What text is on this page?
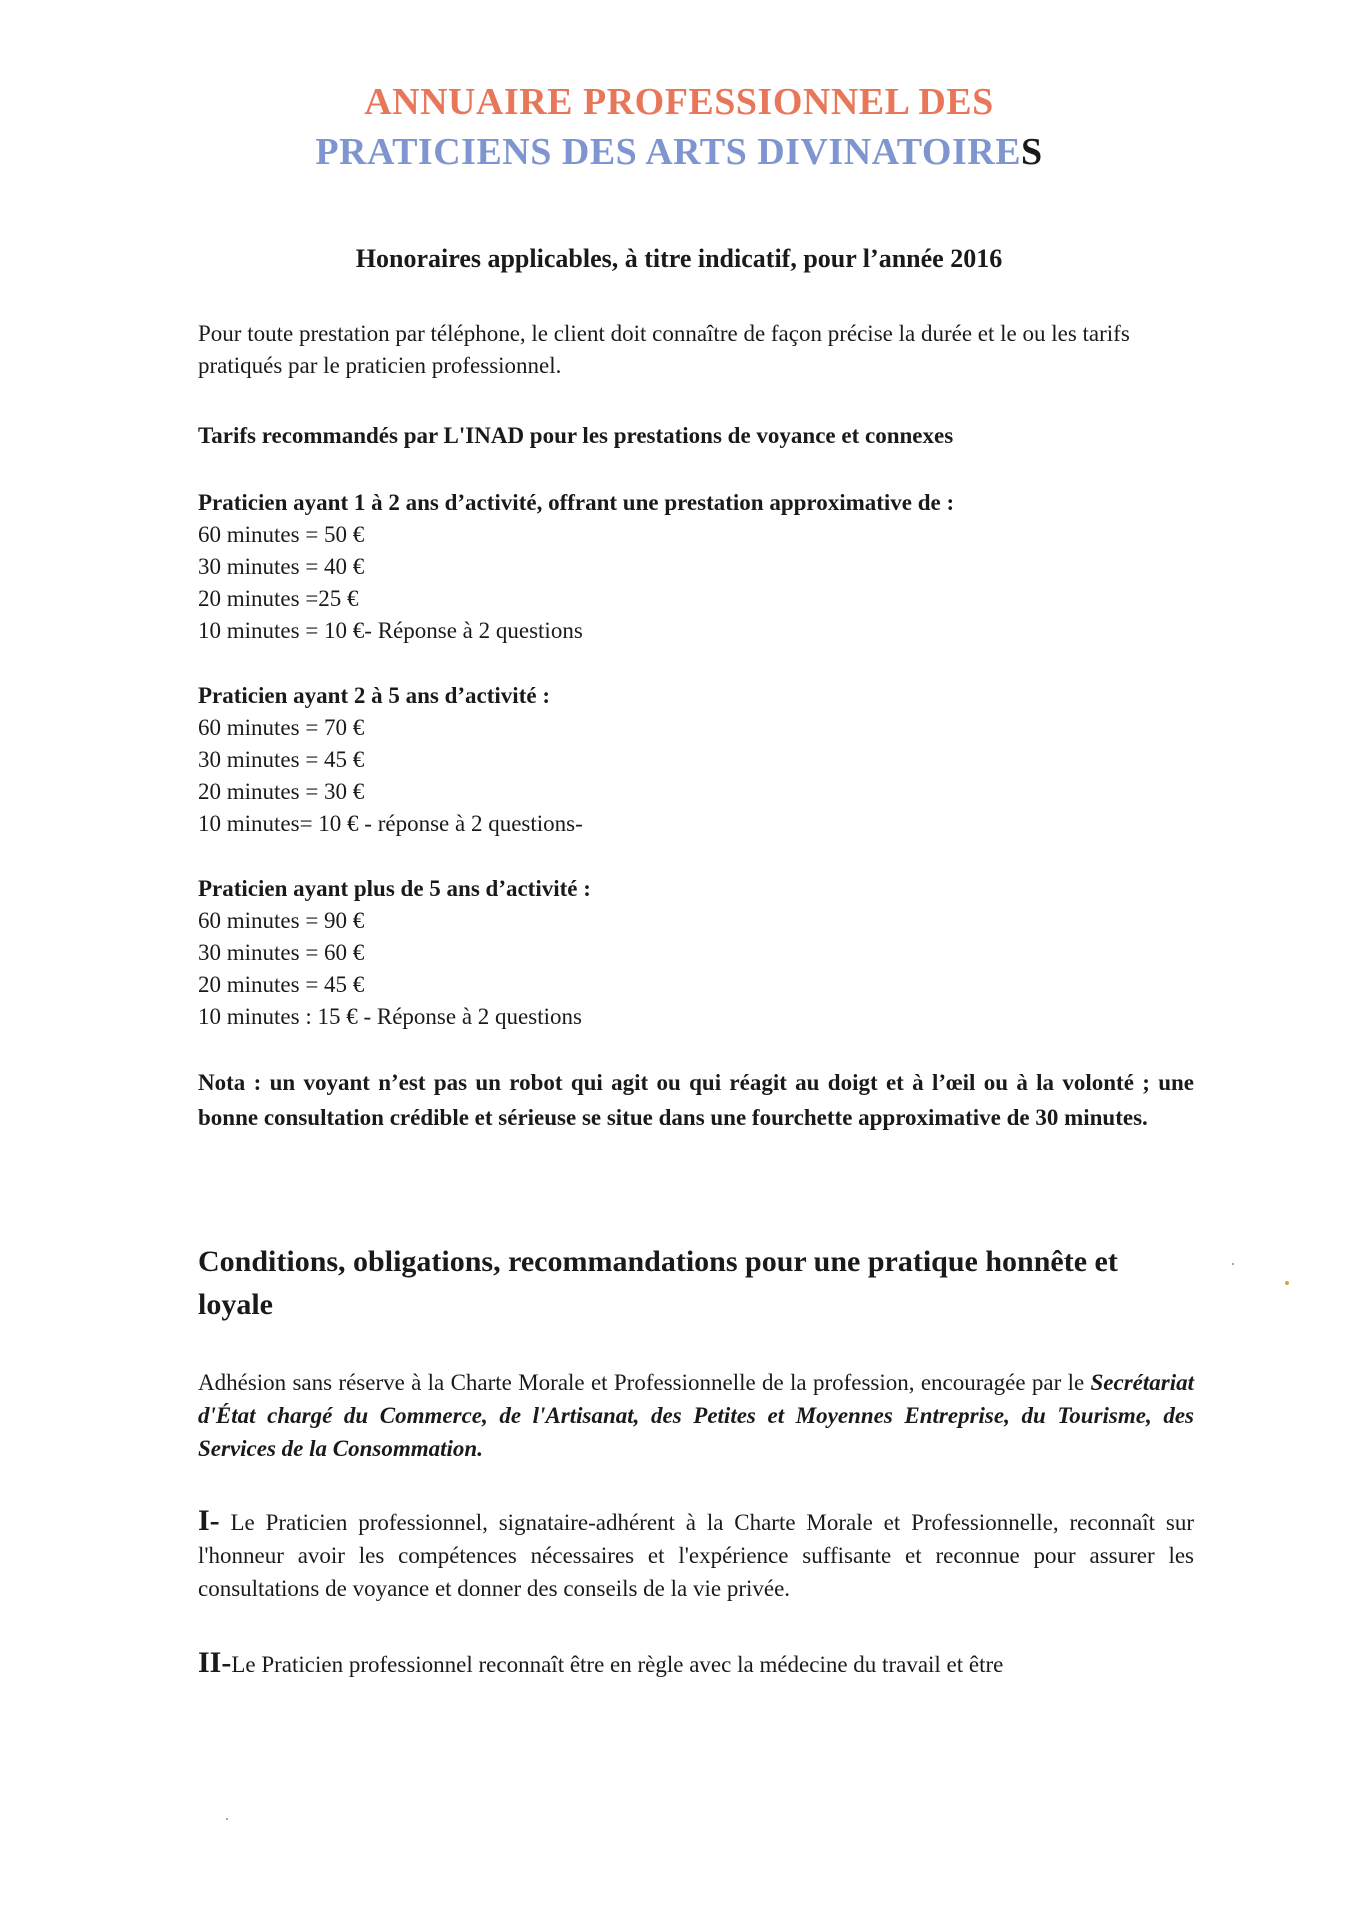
ANNUAIRE PROFESSIONNEL DES
PRATICIENS DES ARTS DIVINATOIRES
Honoraires applicables, à titre indicatif, pour l’année 2016

Pour toute prestation par téléphone, le client doit connaître de façon précise la durée et le ou les tarifs pratiqués par le praticien professionnel.

Tarifs recommandés par L'INAD pour les prestations de voyance et connexes

Praticien ayant 1 à 2 ans d’activité, offrant une prestation approximative de :

60 minutes = 50 €

30 minutes = 40 €

20 minutes =25 €

10 minutes = 10 €- Réponse à 2 questions

Praticien ayant 2 à 5 ans d’activité :

60 minutes = 70 €

30 minutes = 45 €

20 minutes = 30 €

10 minutes= 10 € - réponse à 2 questions-

Praticien ayant plus de 5 ans d’activité :

60 minutes = 90 €

30 minutes = 60 €

20 minutes = 45 €

10 minutes : 15 € - Réponse à 2 questions

Nota : un voyant n’est pas un robot qui agit ou qui réagit au doigt et à l’œil ou à la volonté ; une bonne consultation crédible et sérieuse se situe dans une fourchette approximative de 30 minutes.

Conditions, obligations, recommandations pour une pratique honnête et loyale

Adhésion sans réserve à la Charte Morale et Professionnelle de la profession, encouragée par le Secrétariat d'État chargé du Commerce, de l'Artisanat, des Petites et Moyennes Entreprise, du Tourisme, des Services de la Consommation.

I- Le Praticien professionnel, signataire-adhérent à la Charte Morale et Professionnelle, reconnaît sur l'honneur avoir les compétences nécessaires et l'expérience suffisante et reconnue pour assurer les consultations de voyance et donner des conseils de la vie privée.

II-Le Praticien professionnel reconnaît être en règle avec la médecine du travail et être
